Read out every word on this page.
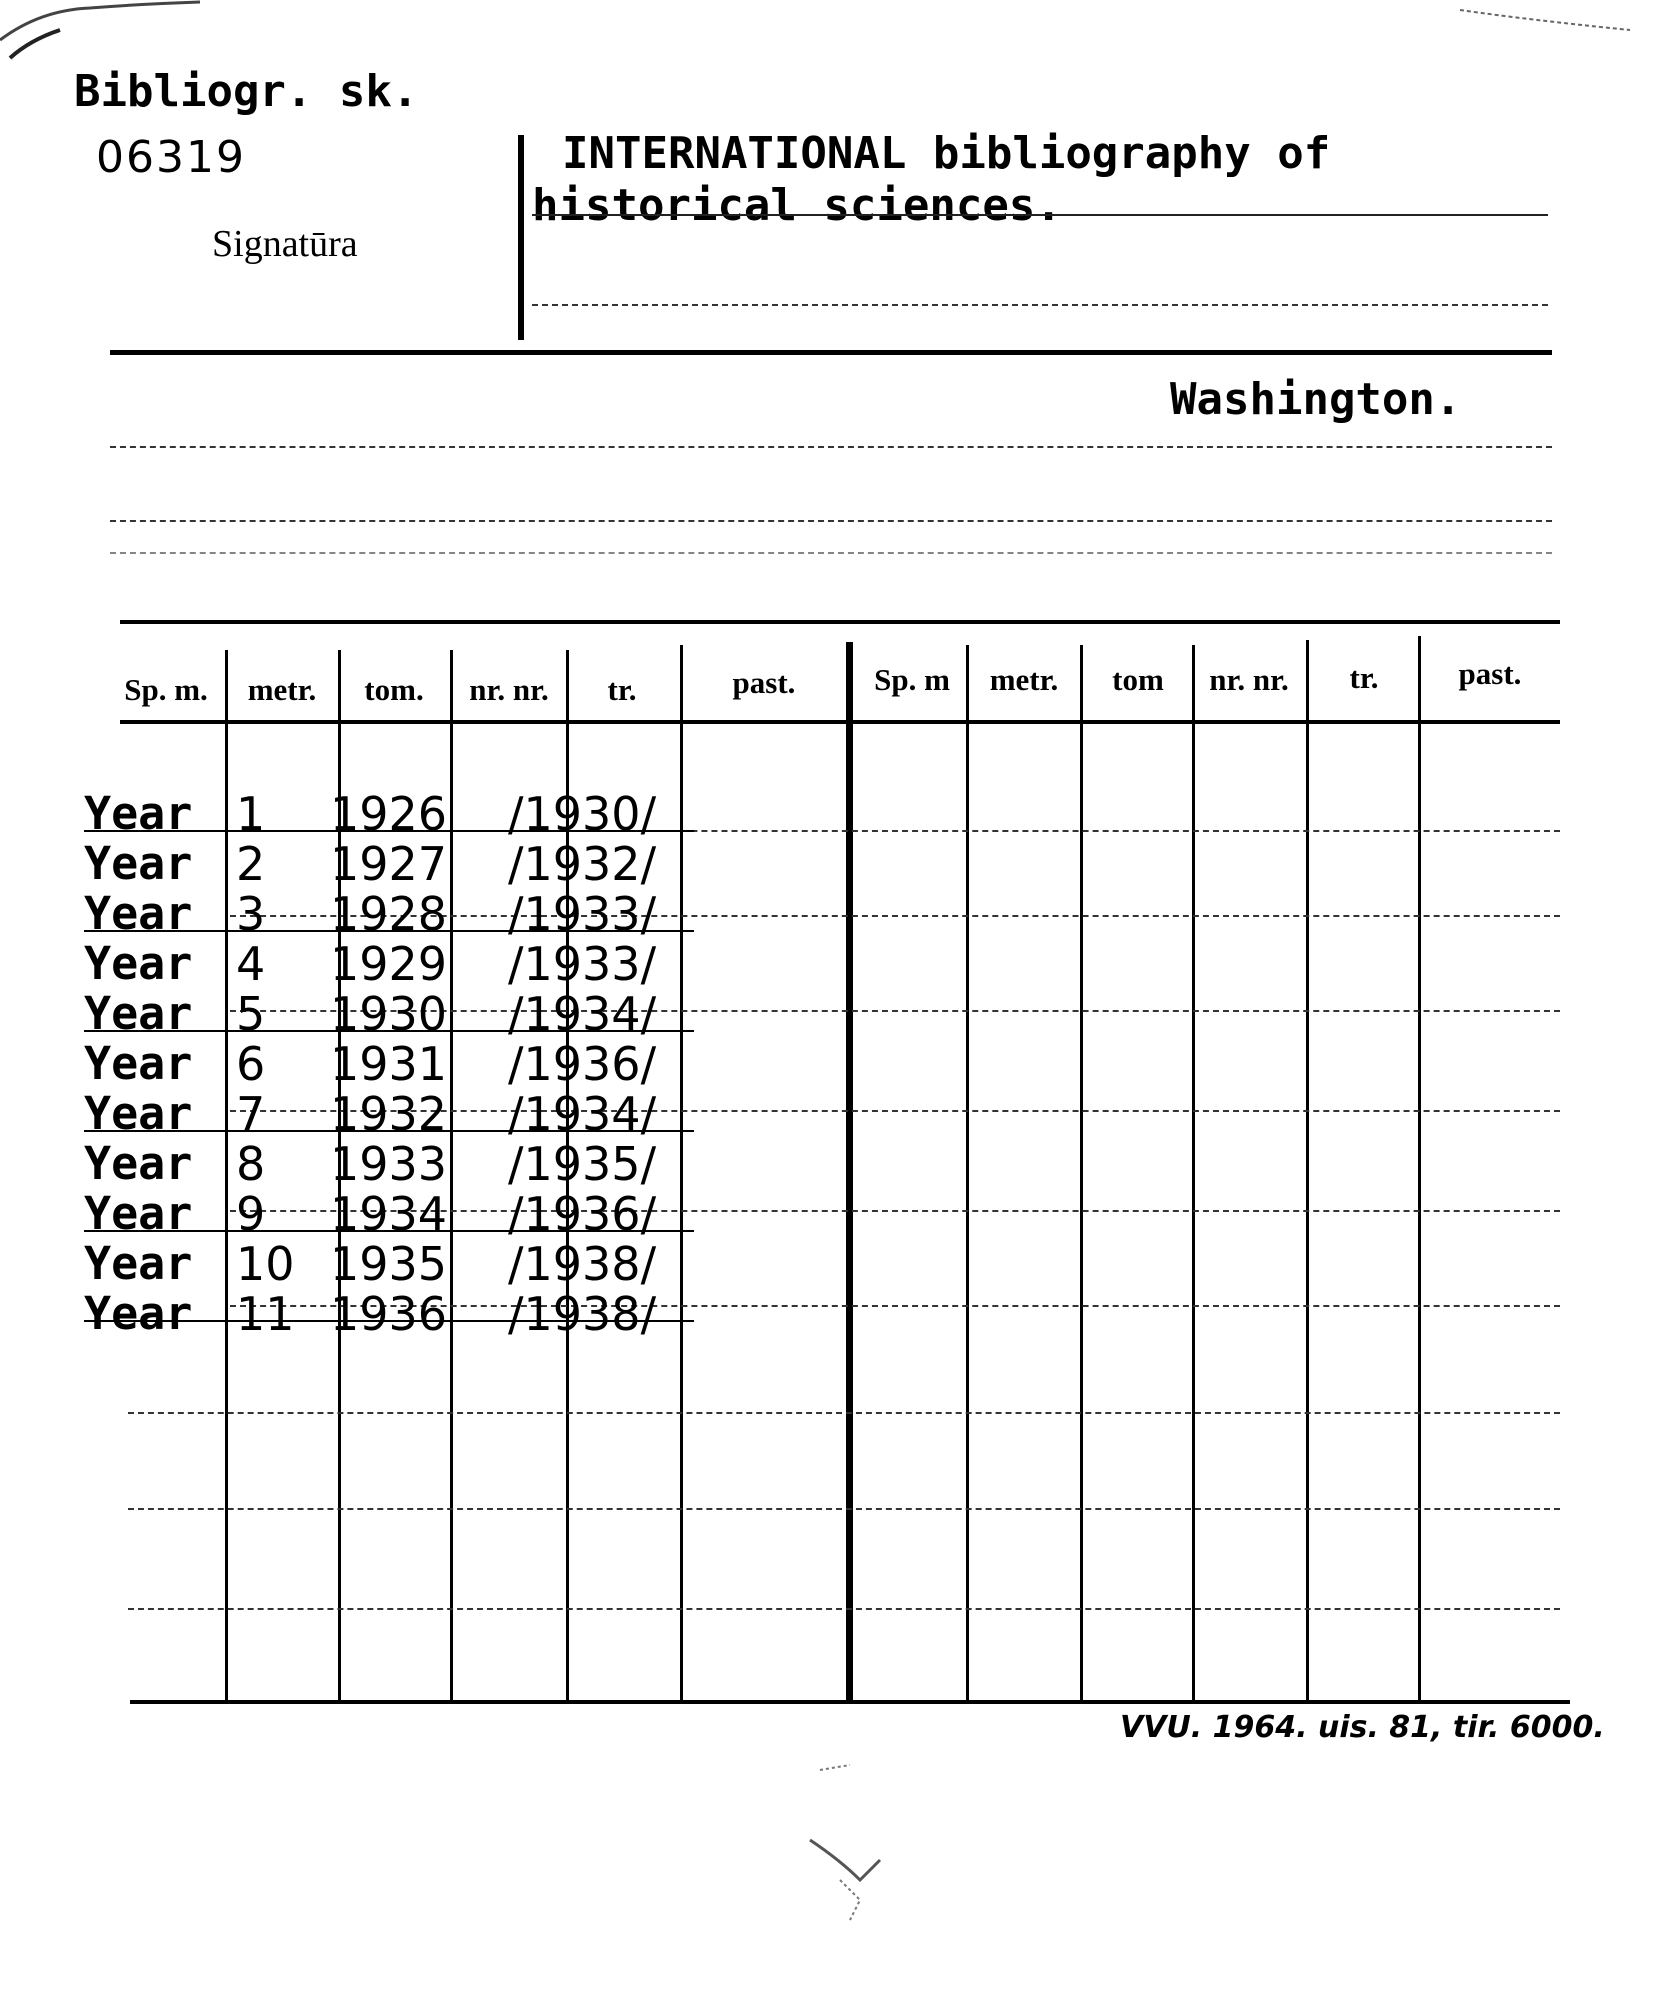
Bibliogr. sk.
06319
Signatūra
INTERNATIONAL bibliography of
historical sciences.
Washington.
Sp. m.	metr.	tom.	nr. nr.	tr.	past.	Sp. m	metr.	tom	nr. nr.	tr.	past.
Year 1 1926 /1930/
Year 2 1927 /1932/
Year 3 1928 /1933/
Year 4 1929 /1933/
Year 5 1930 /1934/
Year 6 1931 /1936/
Year 7 1932 /1934/
Year 8 1933 /1935/
Year 9 1934 /1936/
Year 10 1935 /1938/
Year 11 1936 /1938/
VVU. 1964. uis. 81, tir. 6000.
